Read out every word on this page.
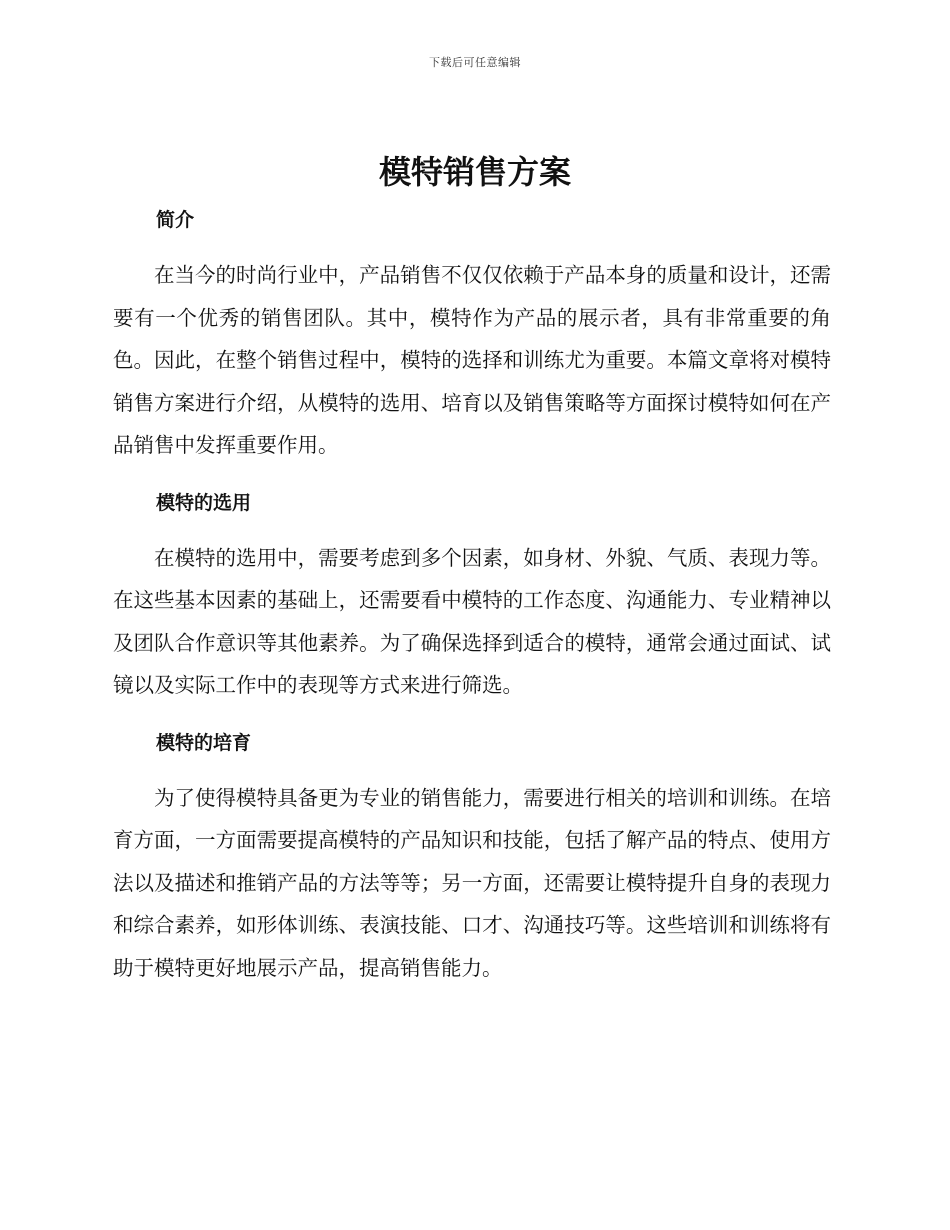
下载后可任意编辑
模特销售方案
简介

在当今的时尚行业中，产品销售不仅仅依赖于产品本身的质量和设计，还需要有一个优秀的销售团队。其中，模特作为产品的展示者，具有非常重要的角色。因此，在整个销售过程中，模特的选择和训练尤为重要。本篇文章将对模特销售方案进行介绍，从模特的选用、培育以及销售策略等方面探讨模特如何在产品销售中发挥重要作用。

模特的选用

在模特的选用中，需要考虑到多个因素，如身材、外貌、气质、表现力等。在这些基本因素的基础上，还需要看中模特的工作态度、沟通能力、专业精神以及团队合作意识等其他素养。为了确保选择到适合的模特，通常会通过面试、试镜以及实际工作中的表现等方式来进行筛选。

模特的培育

为了使得模特具备更为专业的销售能力，需要进行相关的培训和训练。在培育方面，一方面需要提高模特的产品知识和技能，包括了解产品的特点、使用方法以及描述和推销产品的方法等等；另一方面，还需要让模特提升自身的表现力和综合素养，如形体训练、表演技能、口才、沟通技巧等。这些培训和训练将有助于模特更好地展示产品，提高销售能力。
